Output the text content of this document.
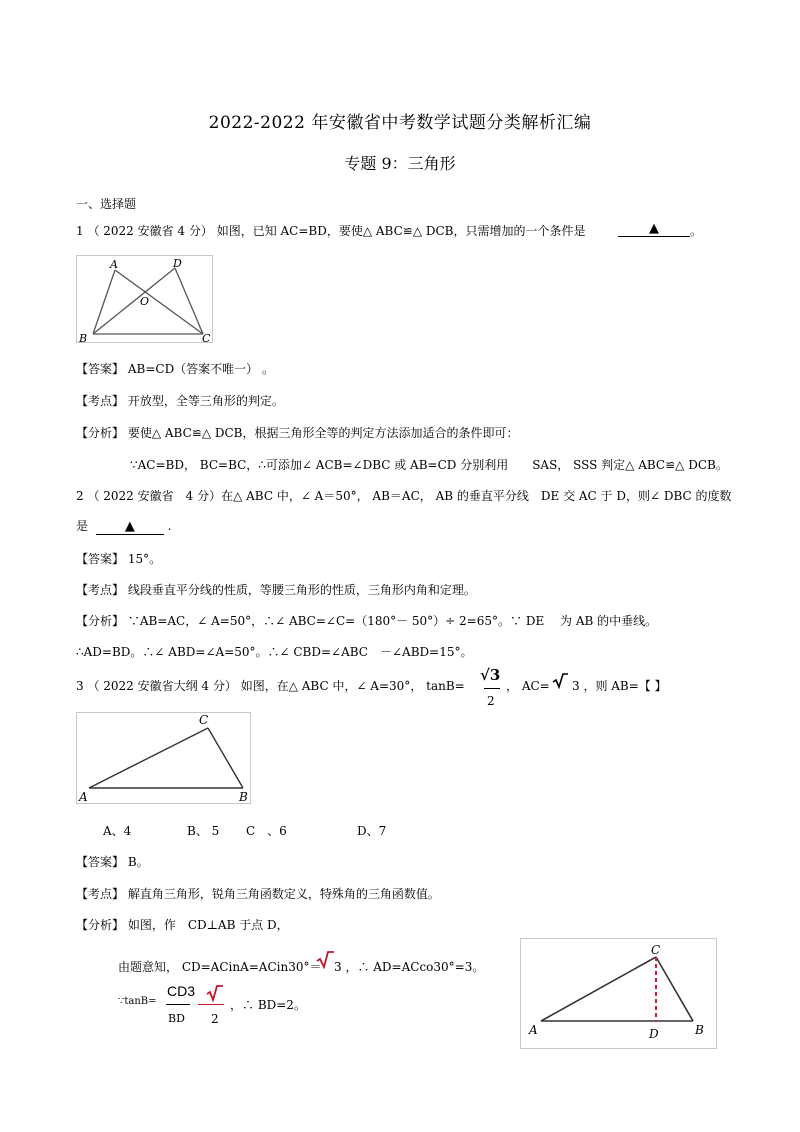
2022-2022 年安徽省中考数学试题分类解析汇编
专题 9：三角形
一、选择题
1 （ 2022 安徽省 4 分） 如图，已知 AC=BD，要使△ ABC≌△ DCB，只需增加的一个条件是	▲	。
A	D
O
B	C
【答案】 AB=CD（答案不唯一） 。
【考点】 开放型，全等三角形的判定。
【分析】 要使△ ABC≌△ DCB，根据三角形全等的判定方法添加适合的条件即可：
∵AC=BD， BC=BC，∴可添加∠ ACB=∠DBC 或 AB=CD 分别利用　　SAS， SSS 判定△ ABC≌△ DCB。
2 （ 2022 安徽省　4 分）在△ ABC 中，∠ A＝50°， AB＝AC， AB 的垂直平分线　DE 交 AC 于 D，则∠ DBC 的度数
是	▲	.
【答案】 15°。
【考点】 线段垂直平分线的性质，等腰三角形的性质，三角形内角和定理。
【分析】 ∵AB=AC，∠ A=50°，∴∠ ABC=∠C=（180°－ 50°）÷ 2=65°。∵ DE　 为 AB 的中垂线。
∴AD=BD。∴∠ ABD=∠A=50°。∴∠ CBD=∠ABC　－∠ABD=15°。
3 （ 2022 安徽省大纲 4 分） 如图，在△ ABC 中，∠ A=30°， tanB=
√3
2
， AC= 3 ，则 AB=【 】
A	B
C
A、4	B、 5 C　、6	D、7
【答案】 B。
【考点】 解直角三角形，锐角三角函数定义，特殊角的三角函数值。
【分析】 如图，作　CD⊥AB 于点 D，
由题意知， CD=ACinA=ACin30°＝ 3 ，∴ AD=ACco30°=3。
∵tanB=
CD3
BD 2
，∴ BD=2。
A	B
C
D
